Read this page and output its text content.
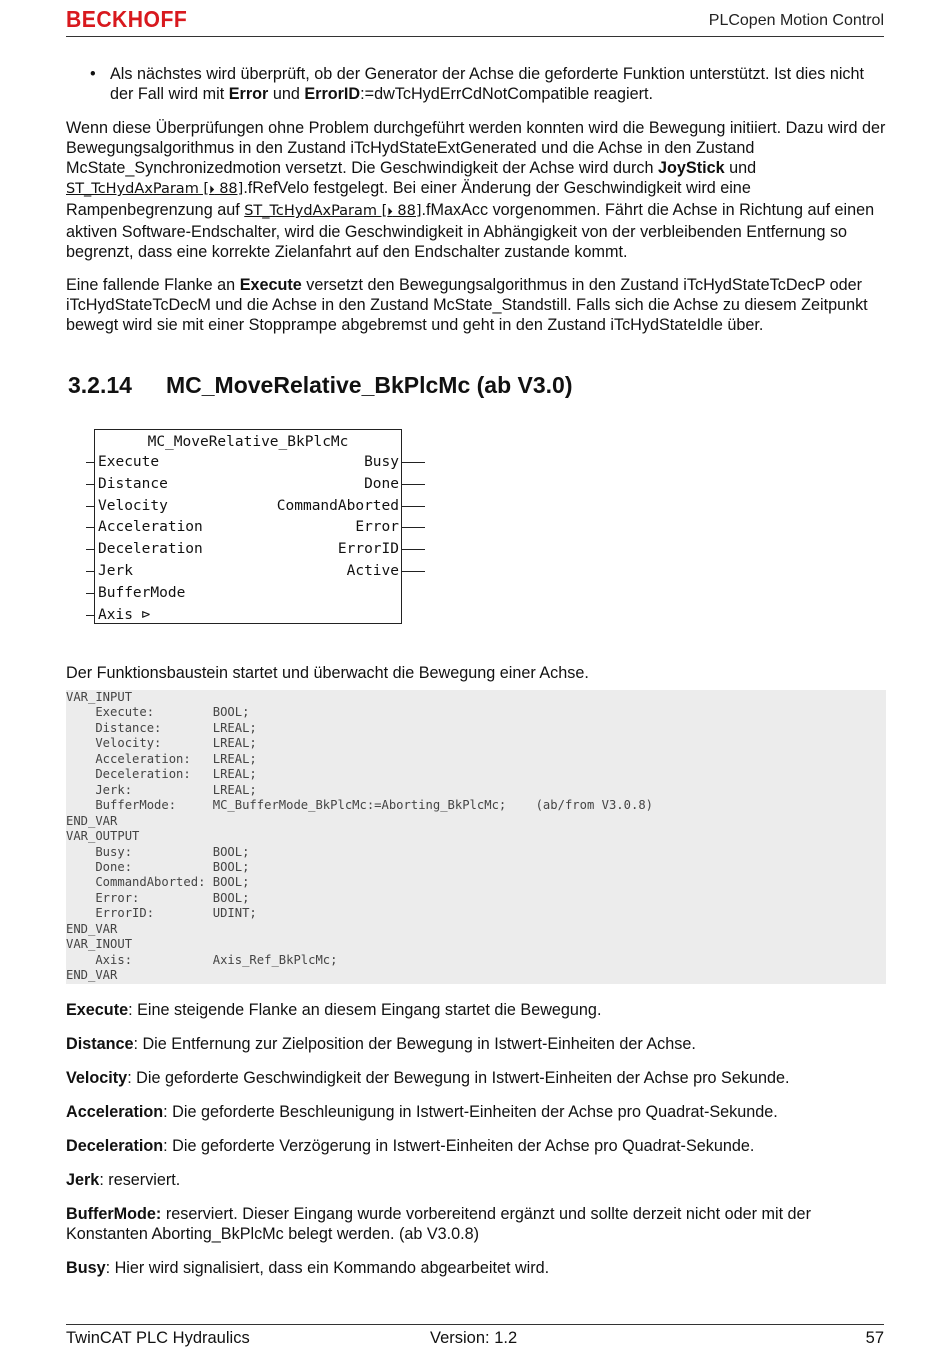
BECKHOFF	PLCopen Motion Control
• Als nächstes wird überprüft, ob der Generator der Achse die geforderte Funktion unterstützt. Ist dies nicht der Fall wird mit Error und ErrorID:=dwTcHydErrCdNotCompatible reagiert.

Wenn diese Überprüfungen ohne Problem durchgeführt werden konnten wird die Bewegung initiiert. Dazu wird der Bewegungsalgorithmus in den Zustand iTcHydStateExtGenerated und die Achse in den Zustand McState_Synchronizedmotion versetzt. Die Geschwindigkeit der Achse wird durch JoyStick und ST_TcHydAxParam [⏵ 88].fRefVelo festgelegt. Bei einer Änderung der Geschwindigkeit wird eine Rampenbegrenzung auf ST_TcHydAxParam [⏵ 88].fMaxAcc vorgenommen. Fährt die Achse in Richtung auf einen aktiven Software-Endschalter, wird die Geschwindigkeit in Abhängigkeit von der verbleibenden Entfernung so begrenzt, dass eine korrekte Zielanfahrt auf den Endschalter zustande kommt.

Eine fallende Flanke an Execute versetzt den Bewegungsalgorithmus in den Zustand iTcHydStateTcDecP oder iTcHydStateTcDecM und die Achse in den Zustand McState_Standstill. Falls sich die Achse zu diesem Zeitpunkt bewegt wird sie mit einer Stopprampe abgebremst und geht in den Zustand iTcHydStateIdle über.

3.2.14 MC_MoveRelative_BkPlcMc (ab V3.0)
MC_MoveRelative_BkPlcMc
Execute
Distance
Velocity
Acceleration
Deceleration
Jerk
BufferMode
Axis ⊳
Busy
Done
CommandAborted
Error
ErrorID
Active

Der Funktionsbaustein startet und überwacht die Bewegung einer Achse.

VAR_INPUT
Execute:        BOOL;
Distance:       LREAL;
Velocity:       LREAL;
Acceleration:   LREAL;
Deceleration:   LREAL;
Jerk:           LREAL;
BufferMode:     MC_BufferMode_BkPlcMc:=Aborting_BkPlcMc;    (ab/from V3.0.8)
END_VAR
VAR_OUTPUT
Busy:           BOOL;
Done:           BOOL;
CommandAborted: BOOL;
Error:          BOOL;
ErrorID:        UDINT;
END_VAR
VAR_INOUT
Axis:           Axis_Ref_BkPlcMc;
END_VAR

Execute: Eine steigende Flanke an diesem Eingang startet die Bewegung.

Distance: Die Entfernung zur Zielposition der Bewegung in Istwert-Einheiten der Achse.

Velocity: Die geforderte Geschwindigkeit der Bewegung in Istwert-Einheiten der Achse pro Sekunde.

Acceleration: Die geforderte Beschleunigung in Istwert-Einheiten der Achse pro Quadrat-Sekunde.

Deceleration: Die geforderte Verzögerung in Istwert-Einheiten der Achse pro Quadrat-Sekunde.

Jerk: reserviert.

BufferMode: reserviert. Dieser Eingang wurde vorbereitend ergänzt und sollte derzeit nicht oder mit der Konstanten Aborting_BkPlcMc belegt werden. (ab V3.0.8)

Busy: Hier wird signalisiert, dass ein Kommando abgearbeitet wird.

TwinCAT PLC Hydraulics	Version: 1.2	57
